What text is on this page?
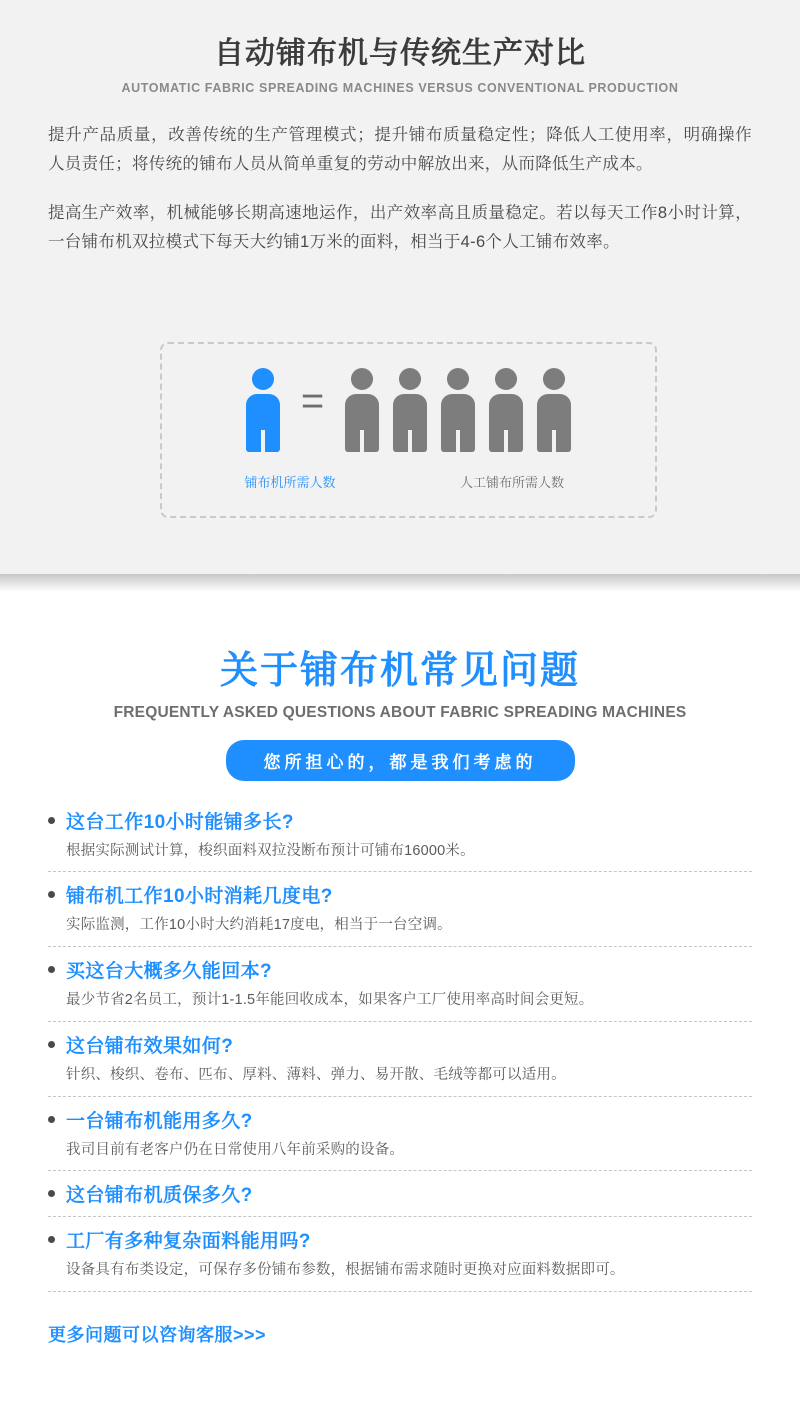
自动铺布机与传统生产对比
AUTOMATIC FABRIC SPREADING MACHINES VERSUS CONVENTIONAL PRODUCTION
提升产品质量，改善传统的生产管理模式；提升铺布质量稳定性；降低人工使用率，明确操作人员责任；将传统的铺布人员从简单重复的劳动中解放出来，从而降低生产成本。
提高生产效率，机械能够长期高速地运作，出产效率高且质量稳定。若以每天工作8小时计算，一台铺布机双拉模式下每天大约铺1万米的面料，相当于4-6个人工铺布效率。
=
铺布机所需人数	人工铺布所需人数
关于铺布机常见问题
FREQUENTLY ASKED QUESTIONS ABOUT FABRIC SPREADING MACHINES
您所担心的，都是我们考虑的
这台工作10小时能铺多长?
根据实际测试计算，梭织面料双拉没断布预计可铺布16000米。
铺布机工作10小时消耗几度电?
实际监测，工作10小时大约消耗17度电，相当于一台空调。
买这台大概多久能回本?
最少节省2名员工，预计1-1.5年能回收成本，如果客户工厂使用率高时间会更短。
这台铺布效果如何?
针织、梭织、卷布、匹布、厚料、薄料、弹力、易开散、毛绒等都可以适用。
一台铺布机能用多久?
我司目前有老客户仍在日常使用八年前采购的设备。
这台铺布机质保多久?
工厂有多种复杂面料能用吗?
设备具有布类设定，可保存多份铺布参数，根据铺布需求随时更换对应面料数据即可。
更多问题可以咨询客服>>>
